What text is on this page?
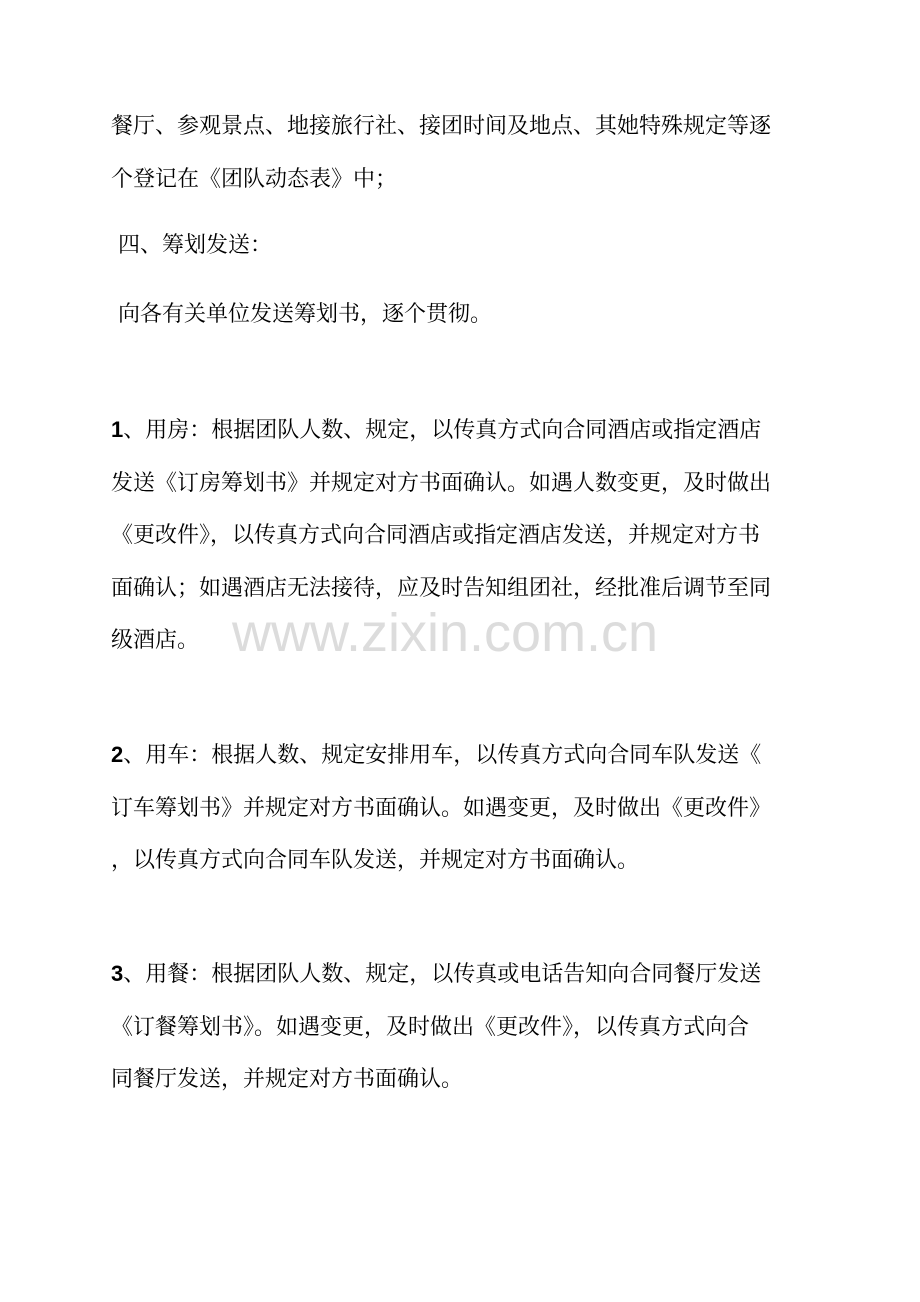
餐厅、参观景点、地接旅行社、接团时间及地点、其她特殊规定等逐
个登记在《团队动态表》中；
四、筹划发送：
向各有关单位发送筹划书，逐个贯彻。
1、用房：根据团队人数、规定，以传真方式向合同酒店或指定酒店
发送《订房筹划书》并规定对方书面确认。如遇人数变更，及时做出
《更改件》，以传真方式向合同酒店或指定酒店发送，并规定对方书
面确认；如遇酒店无法接待，应及时告知组团社，经批准后调节至同
级酒店。
2、用车：根据人数、规定安排用车，以传真方式向合同车队发送《
订车筹划书》并规定对方书面确认。如遇变更，及时做出《更改件》
，以传真方式向合同车队发送，并规定对方书面确认。
3、用餐：根据团队人数、规定，以传真或电话告知向合同餐厅发送
《订餐筹划书》。如遇变更，及时做出《更改件》，以传真方式向合
同餐厅发送，并规定对方书面确认。
www.zixin.com.cn
